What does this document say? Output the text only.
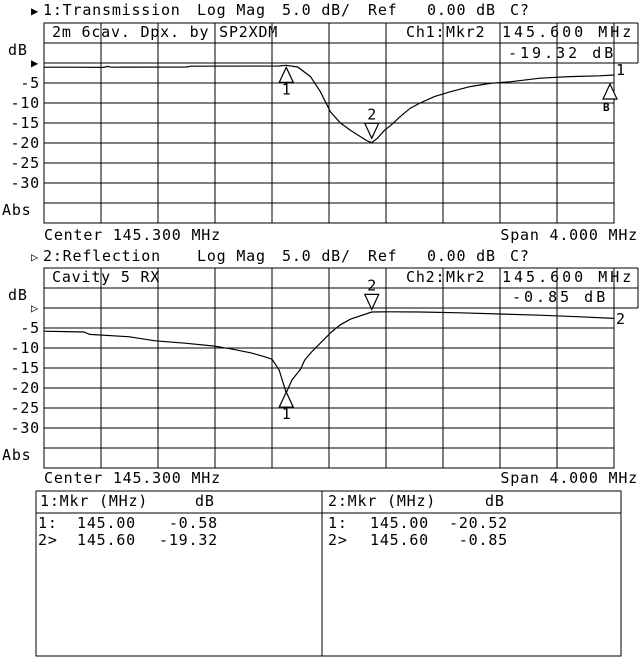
1
2
1
2
▶ 1:Transmission Log Mag 5.0 dB/ Ref 0.00 dB C?
2m 6cav. Dpx. by SP2XDM	Ch1: Mkr2 145.600 MHz
-19.32 dB
dB
▶
-5
-10
-15
-20
-25
-30
Abs
1
B
Center 145.300 MHz	Span 4.000 MHz
▷ 2:Reflection Log Mag 5.0 dB/ Ref 0.00 dB C?
Cavity 5 RX	Ch2: Mkr2 145.600 MHz
-0.85 dB
dB
▷
-5
-10
-15
-20
-25
-30
Abs
2
Center 145.300 MHz	Span 4.000 MHz
1:Mkr (MHz)	dB	2:Mkr (MHz)	dB
1: 145.00 -0.58
2> 145.60 -19.32
1: 145.00 -20.52
2> 145.60 -0.85
